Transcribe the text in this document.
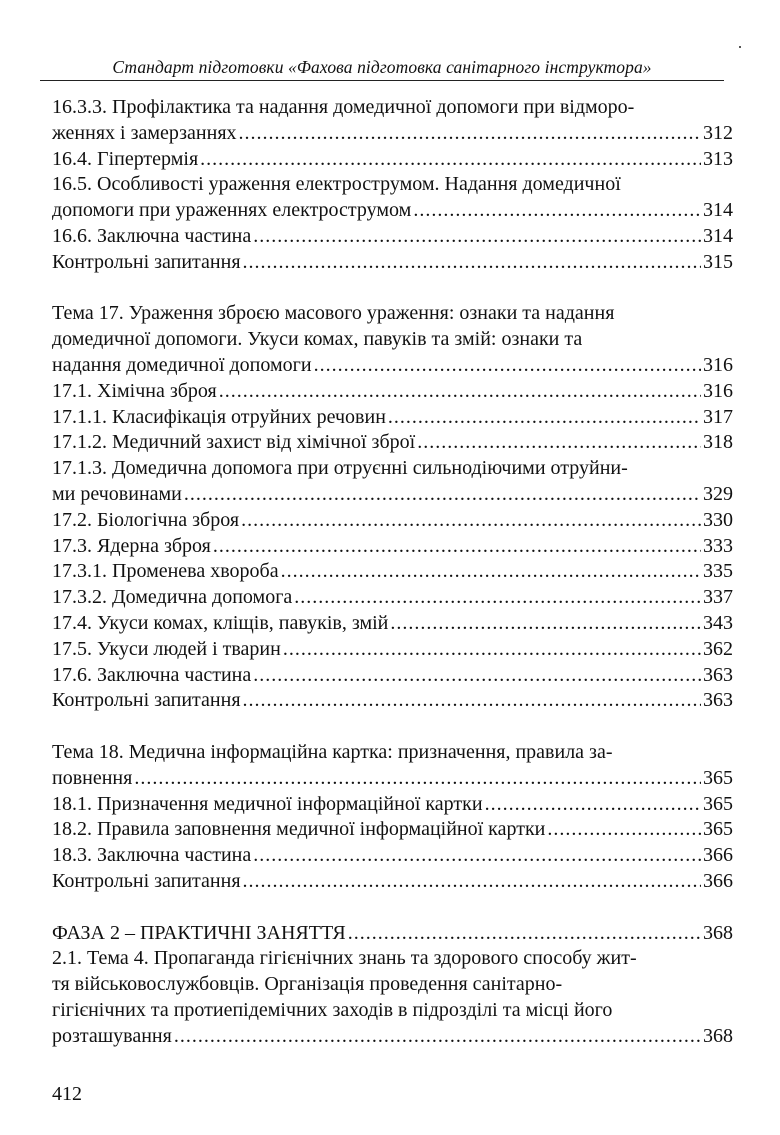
Стандарт підготовки «Фахова підготовка санітарного інструктора»
16.3.3. Профілактика та надання домедичної допомоги при відморо-
женнях і замерзаннях .....	312
16.4. Гіпертермія .....	313
16.5. Особливості ураження електрострумом. Надання домедичної
допомоги при ураженнях електрострумом .....	314
16.6. Заключна частина .....	314
Контрольні запитання .....	315
Тема 17. Ураження зброєю масового ураження: ознаки та надання
домедичної допомоги. Укуси комах, павуків та змій: ознаки та
надання домедичної допомоги .....	316
17.1. Хімічна зброя .....	316
17.1.1. Класифікація отруйних речовин .....	317
17.1.2. Медичний захист від хімічної зброї .....	318
17.1.3. Домедична допомога при отруєнні сильнодіючими отруйни-
ми речовинами .....	329
17.2. Біологічна зброя .....	330
17.3. Ядерна зброя .....	333
17.3.1. Променева хвороба .....	335
17.3.2. Домедична допомога .....	337
17.4. Укуси комах, кліщів, павуків, змій .....	343
17.5. Укуси людей і тварин .....	362
17.6. Заключна частина .....	363
Контрольні запитання .....	363
Тема 18. Медична інформаційна картка: призначення, правила за-
повнення .....	365
18.1. Призначення медичної інформаційної картки .....	365
18.2. Правила заповнення медичної інформаційної картки .....	365
18.3. Заключна частина .....	366
Контрольні запитання .....	366
ФАЗА 2 – ПРАКТИЧНІ ЗАНЯТТЯ .....	368
2.1. Тема 4. Пропаганда гігієнічних знань та здорового способу жит-
тя військовослужбовців. Організація проведення санітарно-
гігієнічних та протиепідемічних заходів в підрозділі та місці його
розташування .....	368
412
